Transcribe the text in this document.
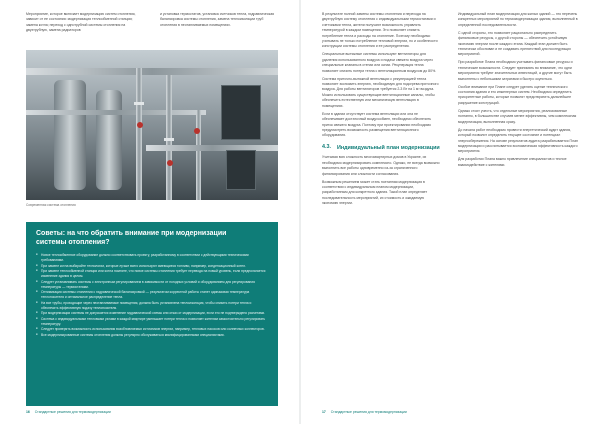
Мероприятие, которое включает модернизацию систем отопления, зависит от ее состояния: модернизация теплообменной станции; замена котла; переход с однотрубной системы отопления на двухтрубную, замена радиаторов

и установка термостатов, установка счетчиков тепла, гидравлическая балансировка системы отопления, замена теплоизоляции труб отопления в неотапливаемых помещениях.

Современная система отопления
Советы: на что обратить внимание при модернизации системы отопления?
■ Новое теплообменное оборудование должно соответствовать проекту, разработанному в соответствии с действующими техническими требованиями.
■ При замене котла выбирайте технологии, которые лучше всего используют имеющиеся топливо, например, конденсационный котел.
■ При замене теплообменной станции или котла помните, что новое системы отопления требует перевода на новый уровень, если предполагается изменение здания в целом.
■ Следует устанавливать системы с электронным регулированием в зависимости от погодных условий и оборудованием для регулирования температуры — термостатами.
■ Оптимизация системы отопления с гидравлической балансировкой — результатом корректной работы станет одинаковая температура теплоносителя и оптимальное распределение тепла.
■ На все трубы, проходящие через неотапливаемые помещения, должна быть установлена теплоизоляция, чтобы снизить потери тепла и обеспечить эффективную подачу теплоносителя.
■ При модернизации системы не допускается изменение гидравлической схемы или отказ от модернизации, если это не подтверждено расчетами.
■ Система с индивидуальными тепловыми узлами в каждой квартире уменьшает потери тепла и позволяет жителям самостоятельно регулировать температуру.
■ Следует проверять возможность использования возобновляемых источников энергии, например, тепловых насосов или солнечных коллекторов.
■ Все модернизированные системы отопления должны регулярно обслуживаться квалифицированными специалистами.
16 Стандартные решения для термомодернизации

В результате полной замены системы отопления и перехода на двухтрубную систему отопления с индивидуальными термостатами и счетчиками тепла, жители получают возможность управлять температурой в каждом помещении. Это позволяет снизить потребление тепла и расходы на отопление. Поэтому необходимо учитывать не только потребление тепловой энергии, но и особенности конструкции системы отопления и ее распределения.

Специальные вытяжные системы используют вентиляторы для удаления использованного воздуха и подачи свежего воздуха через специальные клапаны в стенах или окнах. Рекуперация тепла позволяет снизить потери тепла с вентиляционным воздухом до 80%.

Система приточно-вытяжной вентиляции с рекуперацией тепла позволяет экономить энергию, необходимую для подогрева приточного воздуха. Для работы вентиляторов требуется 2-3 Вт на 1 м³ воздуха. Можно использовать существующие вентиляционные каналы, чтобы обеспечить естественную или механическую вентиляцию в помещениях.

Если в здании отсутствует система вентиляции или она не обеспечивает достаточный воздухообмен, необходимо обеспечить приток свежего воздуха. Поэтому при проектировании необходимо предусмотреть возможность размещения вентиляционного оборудования.

4.3. Индивидуальный план модернизации

Учитывая всю сложность многоквартирных домов в Украине, их необходимо модернизировать комплексно. Однако, не всегда возможно выполнить все работы одновременно из-за ограниченного финансирования или сложности согласования.

Возможным решением может стать поэтапная модернизация в соответствии с индивидуальным планом модернизации, разработанным для конкретного здания. Такой план определяет последовательность мероприятий, их стоимость и ожидаемую экономию энергии.

Индивидуальный план модернизации для жилых зданий — это перечень конкретных мероприятий по термомодернизации здания, выполненный в определенной последовательности.

С одной стороны, это позволяет рационально распределить финансовые ресурсы, с другой стороны — обеспечить устойчивую экономию энергии после каждого этапа. Каждый этап должен быть технически обоснован и не создавать препятствий для последующих мероприятий.

При разработке Плана необходимо учитывать финансовые ресурсы и технические возможности. Следует принимать во внимание, что одни мероприятия требуют значительных инвестиций, а другие могут быть выполнены с небольшими затратами и быстро окупиться.

Особое внимание при Плане следует уделять оценке технического состояния здания и его инженерных систем. Необходимо определить приоритетные работы, которые позволят предотвратить дальнейшее разрушение конструкций.

Однако стоит учесть, что отдельные мероприятия, реализованные поэтапно, в большинстве случаев менее эффективны, чем комплексная модернизация, выполненная сразу.

До начала работ необходимо провести энергетический аудит здания, который позволит определить текущее состояние и потенциал энергосбережения. На основе результатов аудита разрабатывается План модернизации и рассчитывается экономическая эффективность каждого мероприятия.

Для разработки Плана важно привлечение специалистов и тесное взаимодействие с жителями.

17 Стандартные решения для термомодернизации
